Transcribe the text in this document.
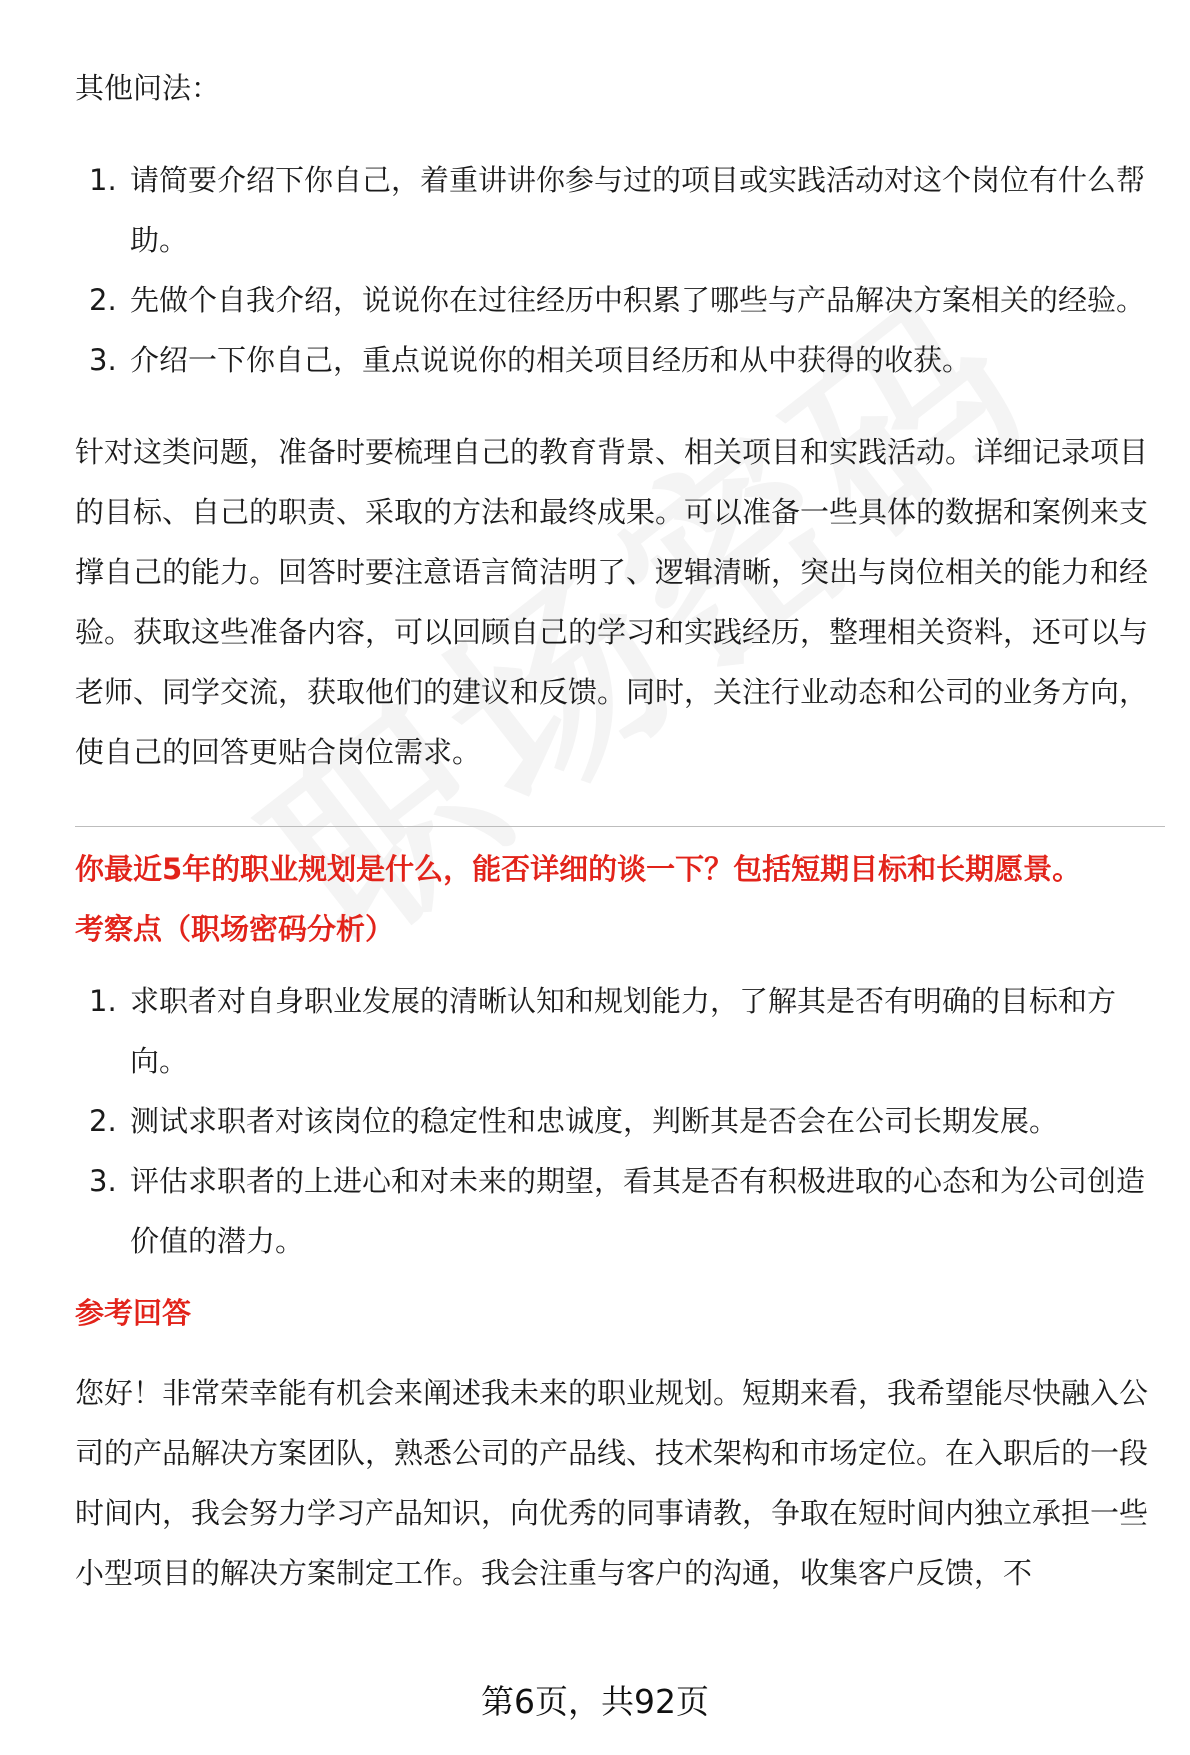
其他问法：

1. 请简要介绍下你自己，着重讲讲你参与过的项目或实践活动对这个岗位有什么帮助。
2. 先做个自我介绍，说说你在过往经历中积累了哪些与产品解决方案相关的经验。
3. 介绍一下你自己，重点说说你的相关项目经历和从中获得的收获。

针对这类问题，准备时要梳理自己的教育背景、相关项目和实践活动。详细记录项目的目标、自己的职责、采取的方法和最终成果。可以准备一些具体的数据和案例来支撑自己的能力。回答时要注意语言简洁明了、逻辑清晰，突出与岗位相关的能力和经验。获取这些准备内容，可以回顾自己的学习和实践经历，整理相关资料，还可以与老师、同学交流，获取他们的建议和反馈。同时，关注行业动态和公司的业务方向，使自己的回答更贴合岗位需求。

你最近5年的职业规划是什么，能否详细的谈一下？包括短期目标和长期愿景。

考察点（职场密码分析）

1. 求职者对自身职业发展的清晰认知和规划能力，了解其是否有明确的目标和方向。
2. 测试求职者对该岗位的稳定性和忠诚度，判断其是否会在公司长期发展。
3. 评估求职者的上进心和对未来的期望，看其是否有积极进取的心态和为公司创造价值的潜力。

参考回答

您好！非常荣幸能有机会来阐述我未来的职业规划。短期来看，我希望能尽快融入公司的产品解决方案团队，熟悉公司的产品线、技术架构和市场定位。在入职后的一段时间内，我会努力学习产品知识，向优秀的同事请教，争取在短时间内独立承担一些小型项目的解决方案制定工作。我会注重与客户的沟通，收集客户反馈，不

第6页，共92页
